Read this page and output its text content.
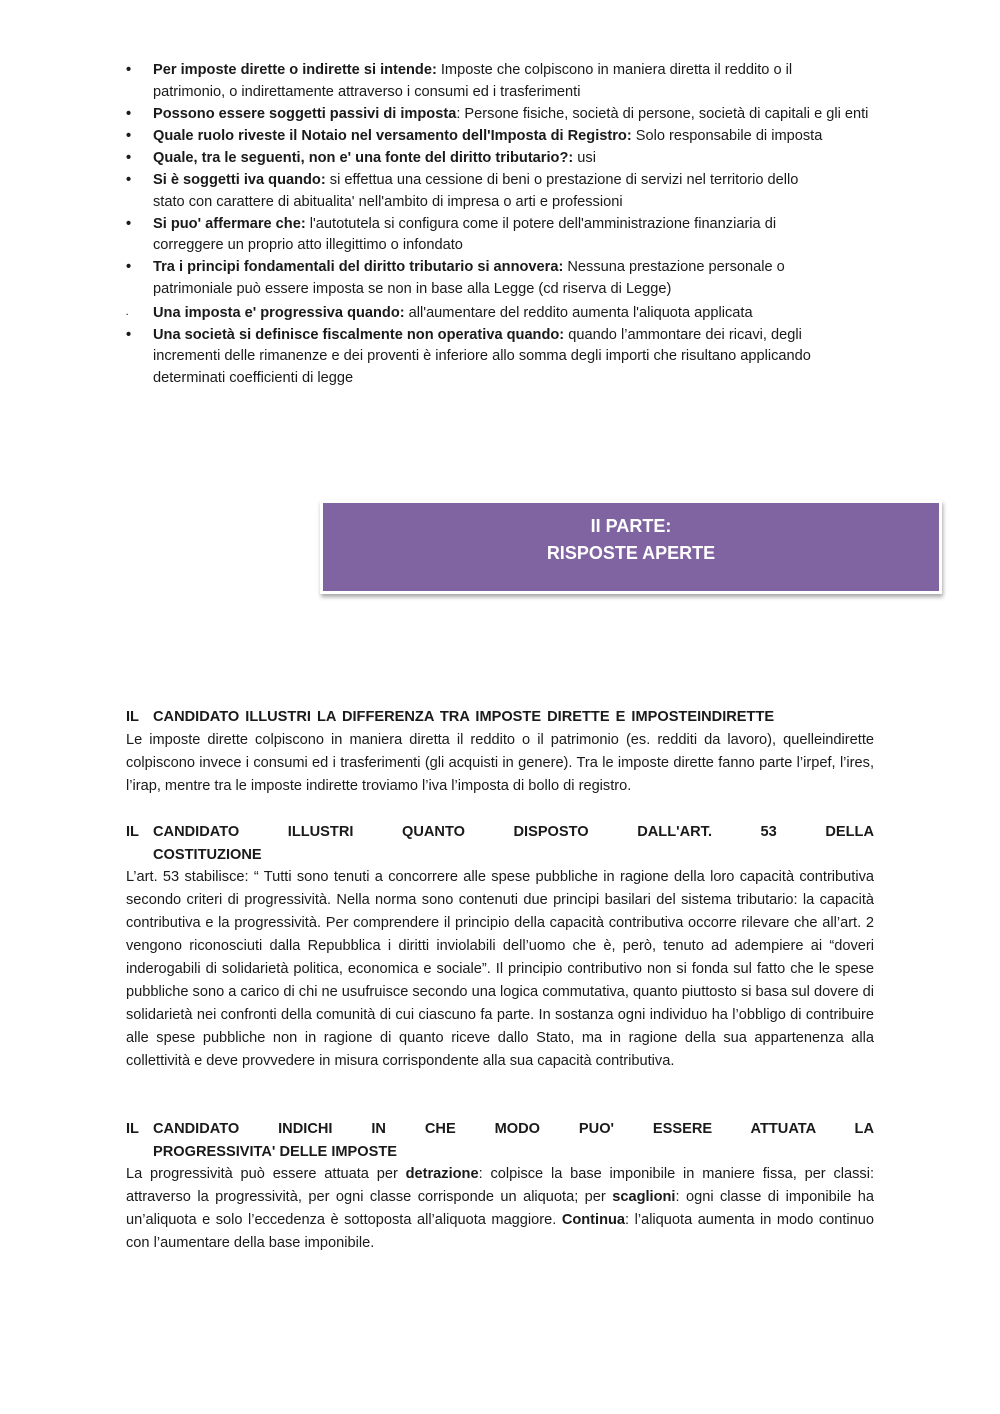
• Per imposte dirette o indirette si intende: Imposte che colpiscono in maniera diretta il reddito o il
patrimonio, o indirettamente attraverso i consumi ed i trasferimenti
• Possono essere soggetti passivi di imposta: Persone fisiche, società di persone, società di capitali e gli enti
• Quale ruolo riveste il Notaio nel versamento dell'Imposta di Registro: Solo responsabile di imposta
• Quale, tra le seguenti, non e' una fonte del diritto tributario?: usi
• Si è soggetti iva quando: si effettua una cessione di beni o prestazione di servizi nel territorio dello
stato con carattere di abitualita' nell'ambito di impresa o arti e professioni
• Si puo' affermare che: l'autotutela si configura come il potere dell'amministrazione finanziaria di
correggere un proprio atto illegittimo o infondato
• Tra i principi fondamentali del diritto tributario si annovera: Nessuna prestazione personale o
patrimoniale può essere imposta se non in base alla Legge (cd riserva di Legge)
· Una imposta e' progressiva quando: all'aumentare del reddito aumenta l'aliquota applicata
• Una società si definisce fiscalmente non operativa quando: quando l’ammontare dei ricavi, degli
incrementi delle rimanenze e dei proventi è inferiore allo somma degli importi che risultano applicando
determinati coefficienti di legge
II PARTE:
RISPOSTE APERTE
IL CANDIDATO ILLUSTRI LA DIFFERENZA TRA IMPOSTE DIRETTE E IMPOSTEINDIRETTE

Le imposte dirette colpiscono in maniera diretta il reddito o il patrimonio (es. redditi da lavoro), quelleindirette colpiscono invece i consumi ed i trasferimenti (gli acquisti in genere). Tra le imposte dirette fanno parte l’irpef, l’ires, l’irap, mentre tra le imposte indirette troviamo l’iva l’imposta di bollo di registro.

IL CANDIDATO ILLUSTRI QUANTO DISPOSTO DALL'ART. 53 DELLA
COSTITUZIONE

L’art. 53 stabilisce: “ Tutti sono tenuti a concorrere alle spese pubbliche in ragione della loro capacità contributiva secondo criteri di progressività. Nella norma sono contenuti due principi basilari del sistema tributario: la capacità contributiva e la progressività. Per comprendere il principio della capacità contributiva occorre rilevare che all’art. 2 vengono riconosciuti dalla Repubblica i diritti inviolabili dell’uomo che è, però, tenuto ad adempiere ai “doveri inderogabili di solidarietà politica, economica e sociale”. Il principio contributivo non si fonda sul fatto che le spese pubbliche sono a carico di chi ne usufruisce secondo una logica commutativa, quanto piuttosto si basa sul dovere di solidarietà nei confronti della comunità di cui ciascuno fa parte. In sostanza ogni individuo ha l’obbligo di contribuire alle spese pubbliche non in ragione di quanto riceve dallo Stato, ma in ragione della sua appartenenza alla collettività e deve provvedere in misura corrispondente alla sua capacità contributiva.

IL CANDIDATO INDICHI IN CHE MODO PUO' ESSERE ATTUATA LA
PROGRESSIVITA' DELLE IMPOSTE

La progressività può essere attuata per detrazione: colpisce la base imponibile in maniere fissa, per classi: attraverso la progressività, per ogni classe corrisponde un aliquota; per scaglioni: ogni classe di imponibile ha un’aliquota e solo l’eccedenza è sottoposta all’aliquota maggiore. Continua: l’aliquota aumenta in modo continuo con l’aumentare della base imponibile.
